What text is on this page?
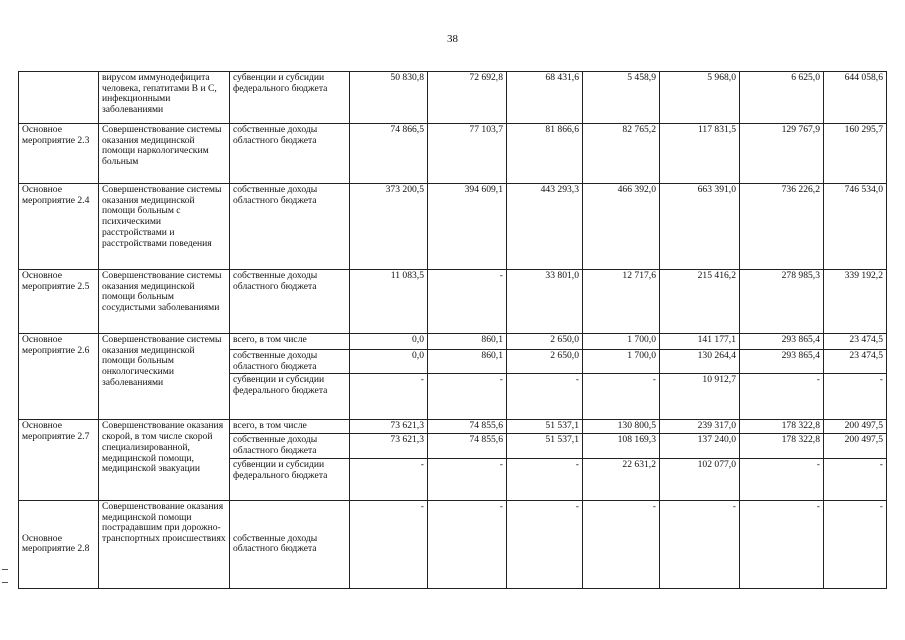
38
	вирусом иммунодефицита человека, гепатитами В и С, инфекционными заболеваниями	субвенции и субсидии федерального бюджета	50 830,8	72 692,8	68 431,6	5 458,9	5 968,0	6 625,0	644 058,6
Основное мероприятие 2.3	Совершенствование системы оказания медицинской помощи наркологическим больным	собственные доходы областного бюджета	74 866,5	77 103,7	81 866,6	82 765,2	117 831,5	129 767,9	160 295,7
Основное мероприятие 2.4	Совершенствование системы оказания медицинской помощи больным с психическими расстройствами и расстройствами поведения	собственные доходы областного бюджета	373 200,5	394 609,1	443 293,3	466 392,0	663 391,0	736 226,2	746 534,0
Основное мероприятие 2.5	Совершенствование системы оказания медицинской помощи больным сосудистыми заболеваниями	собственные доходы областного бюджета	11 083,5	-	33 801,0	12 717,6	215 416,2	278 985,3	339 192,2
Основное мероприятие 2.6	Совершенствование системы оказания медицинской помощи больным онкологическими заболеваниями	всего, в том числе	0,0	860,1	2 650,0	1 700,0	141 177,1	293 865,4	23 474,5
		собственные доходы областного бюджета	0,0	860,1	2 650,0	1 700,0	130 264,4	293 865,4	23 474,5
		субвенции и субсидии федерального бюджета	-	-	-	-	10 912,7	-	-
Основное мероприятие 2.7	Совершенствование оказания скорой, в том числе скорой специализированной, медицинской помощи, медицинской эвакуации	всего, в том числе	73 621,3	74 855,6	51 537,1	130 800,5	239 317,0	178 322,8	200 497,5
		собственные доходы областного бюджета	73 621,3	74 855,6	51 537,1	108 169,3	137 240,0	178 322,8	200 497,5
		субвенции и субсидии федерального бюджета	-	-	-	22 631,2	102 077,0	-	-
Основное мероприятие 2.8	Совершенствование оказания медицинской помощи пострадавшим при дорожно-транспортных происшествиях	собственные доходы областного бюджета	-	-	-	-	-	-	-
